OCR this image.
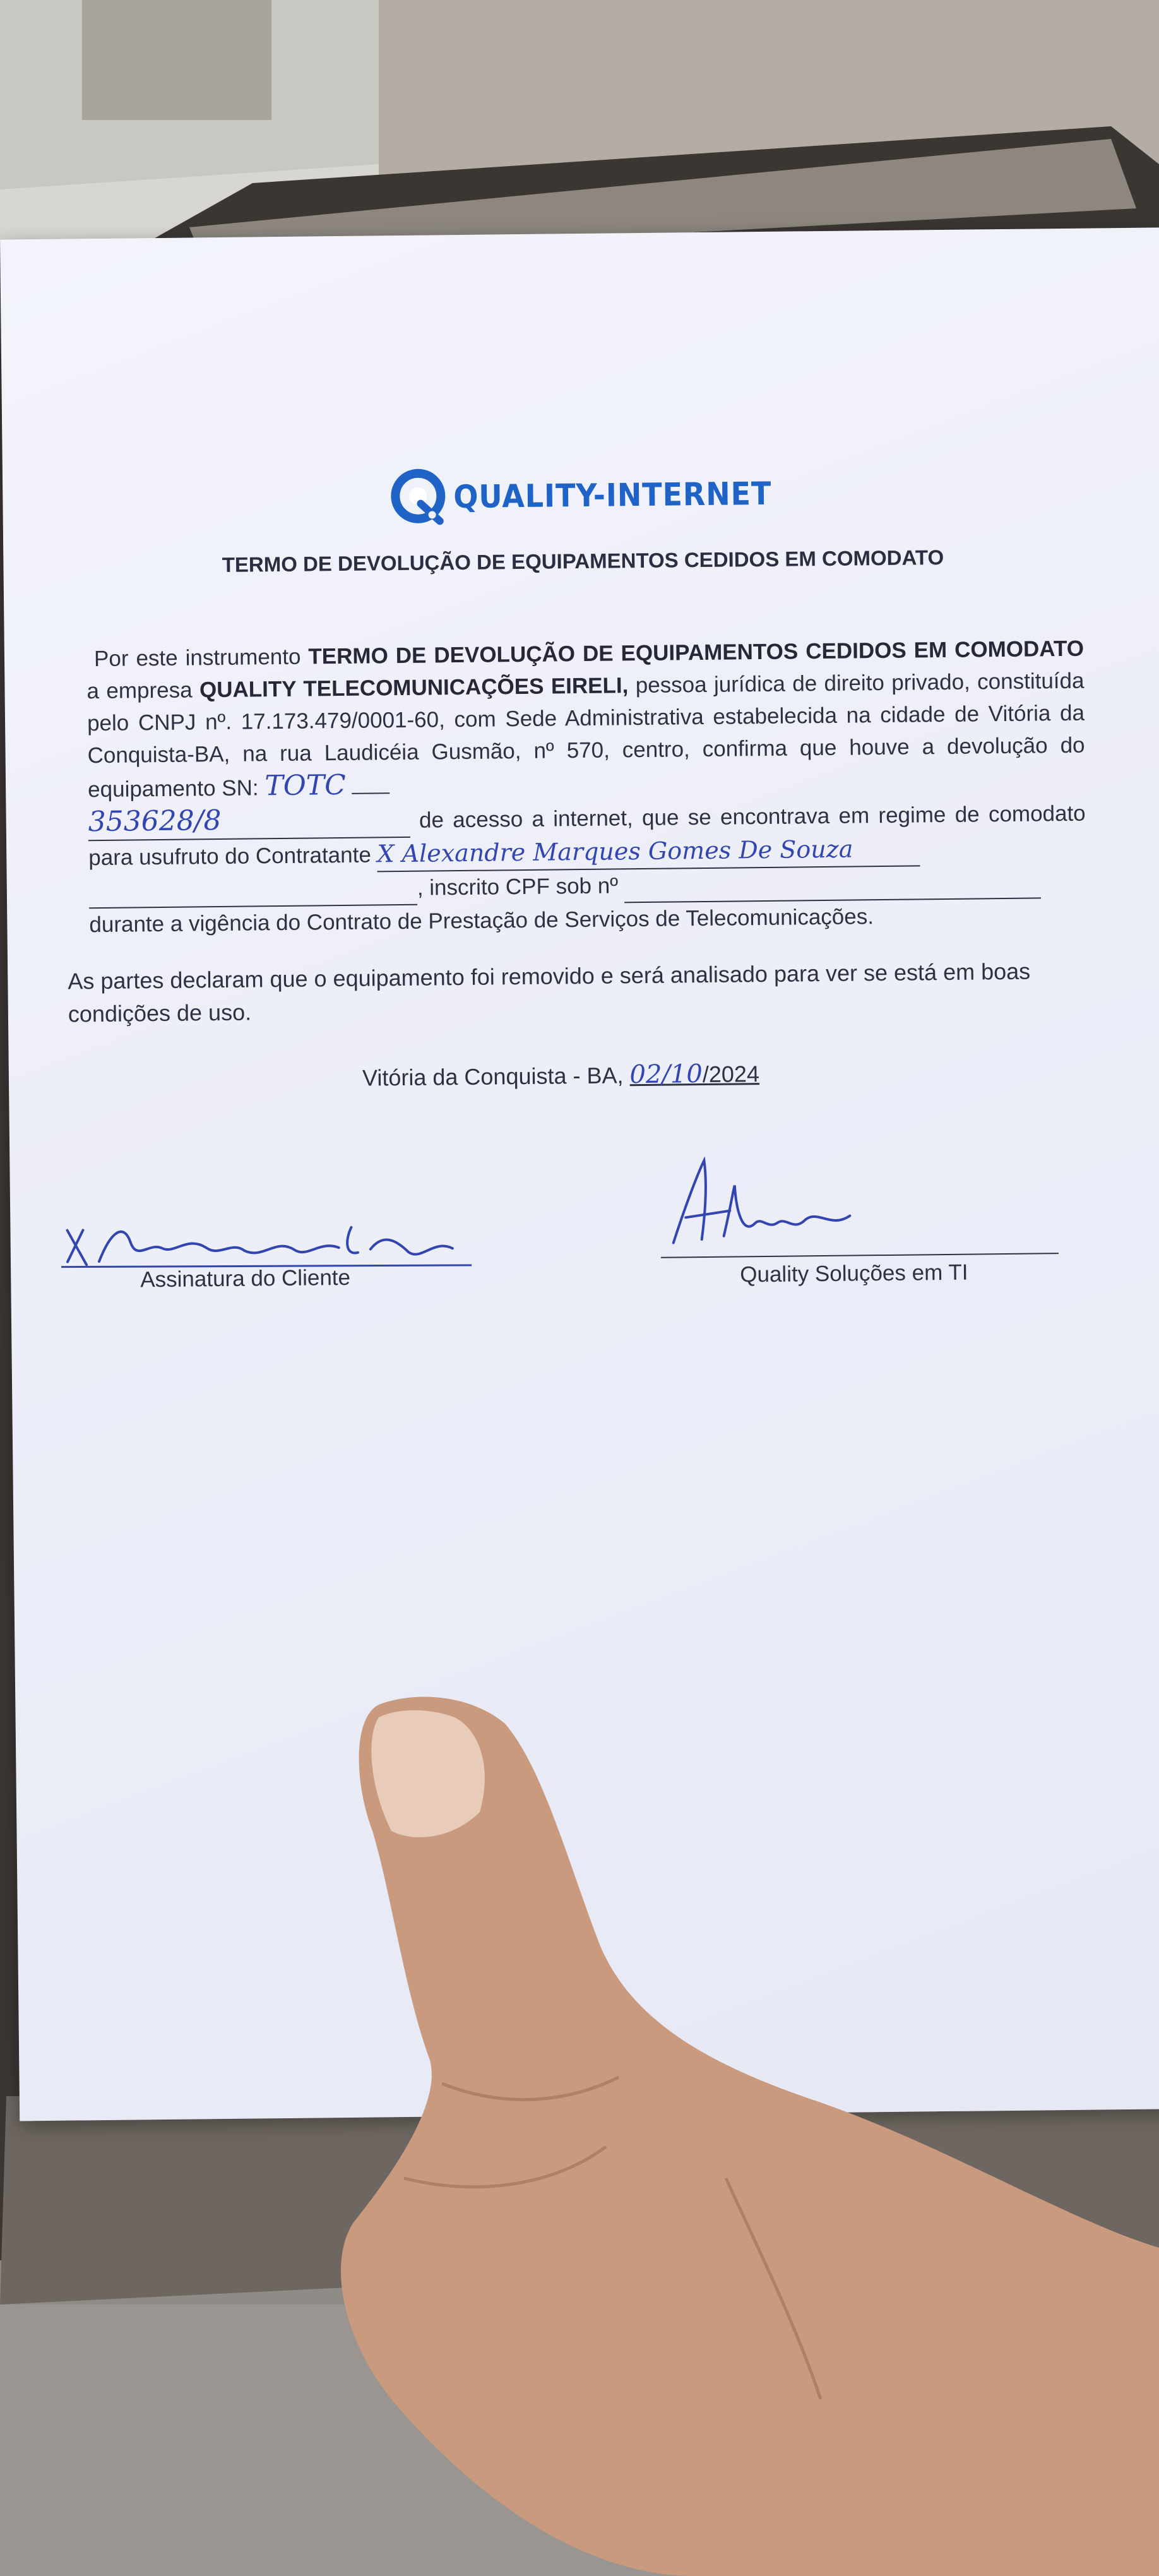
QUALITY-INTERNET
TERMO DE DEVOLUÇÃO DE EQUIPAMENTOS CEDIDOS EM COMODATO
Por este instrumento TERMO DE DEVOLUÇÃO DE EQUIPAMENTOS CEDIDOS EM COMODATO a empresa QUALITY TELECOMUNICAÇÕES EIRELI, pessoa jurídica de direito privado, constituída pelo CNPJ nº. 17.173.479/0001-60, com Sede Administrativa estabelecida na cidade de Vitória da Conquista-BA, na rua Laudicéia Gusmão, nº 570, centro, confirma que houve a devolução do equipamento SN: TOTC
353628/8	de acesso a internet, que se encontrava em regime de comodato para usufruto do Contratante X Alexandre Marques Gomes De Souza
, inscrito CPF sob nº
durante a vigência do Contrato de Prestação de Serviços de Telecomunicações.
As partes declaram que o equipamento foi removido e será analisado para ver se está em boas condições de uso.
Vitória da Conquista - BA, 02/10/2024
Assinatura do Cliente	Quality Soluções em TI
